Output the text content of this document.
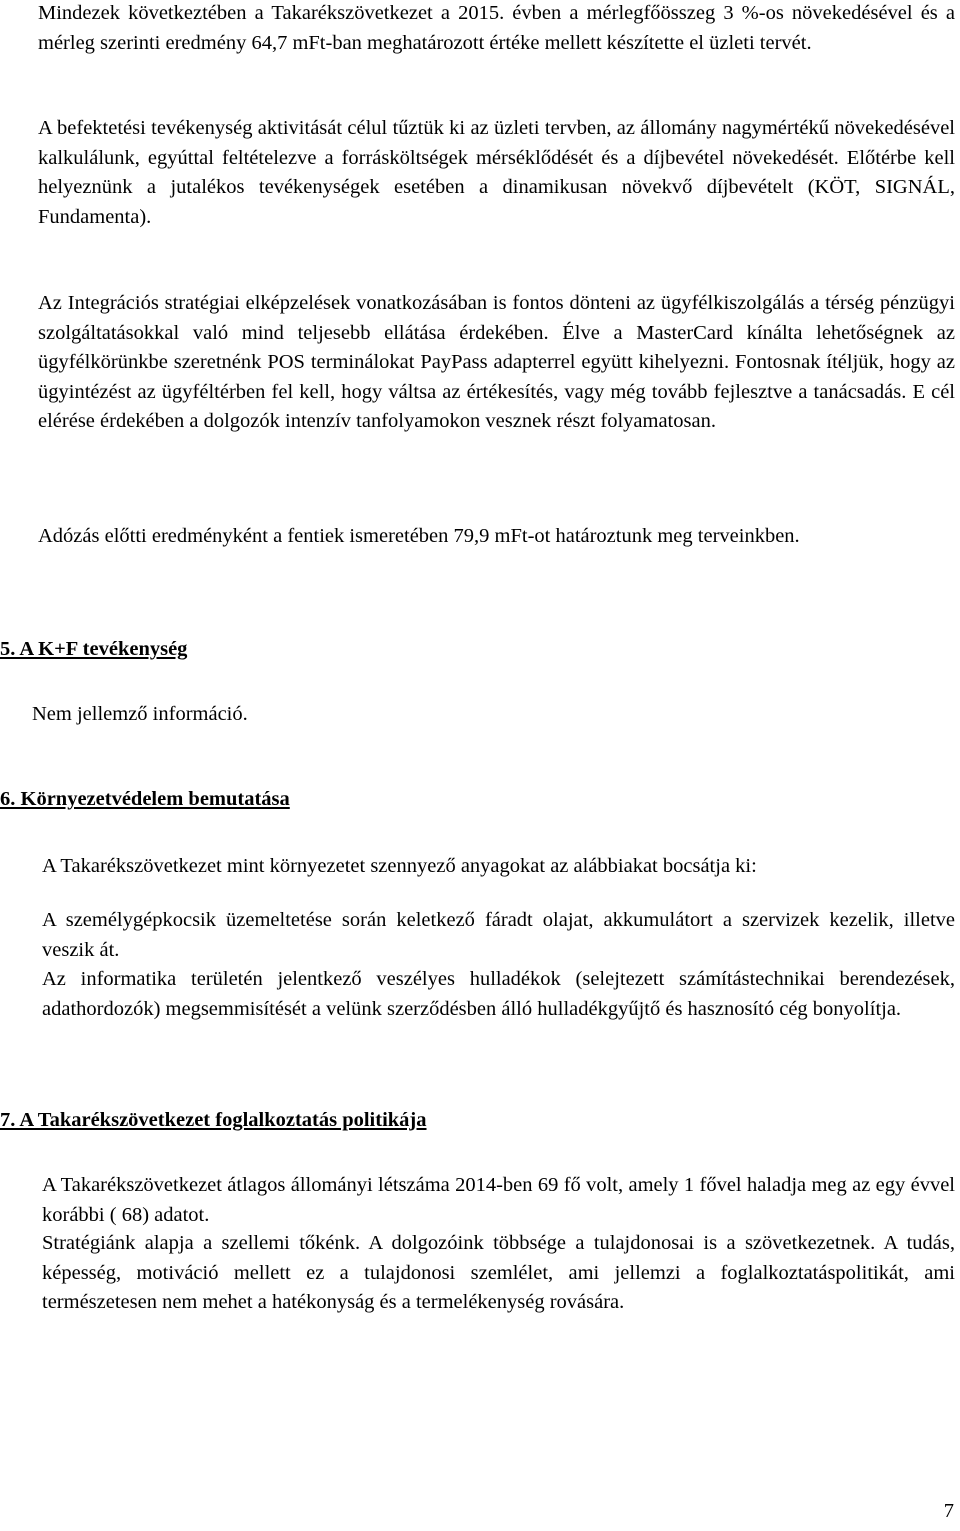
Mindezek következtében a Takarékszövetkezet a 2015. évben a mérlegfőösszeg 3 %-os növekedésével és a mérleg szerinti eredmény 64,7 mFt-ban meghatározott értéke mellett készítette el üzleti tervét.

A befektetési tevékenység aktivitását célul tűztük ki az üzleti tervben, az állomány nagymértékű növekedésével kalkulálunk, egyúttal feltételezve a forrásköltségek mérséklődését és a díjbevétel növekedését. Előtérbe kell helyeznünk a jutalékos tevékenységek esetében a dinamikusan növekvő díjbevételt (KÖT, SIGNÁL, Fundamenta).

Az Integrációs stratégiai elképzelések vonatkozásában is fontos dönteni az ügyfélkiszolgálás a térség pénzügyi szolgáltatásokkal való mind teljesebb ellátása érdekében. Élve a MasterCard kínálta lehetőségnek az ügyfélkörünkbe szeretnénk POS terminálokat PayPass adapterrel együtt kihelyezni. Fontosnak ítéljük, hogy az ügyintézést az ügyféltérben fel kell, hogy váltsa az értékesítés, vagy még tovább fejlesztve a tanácsadás. E cél elérése érdekében a dolgozók intenzív tanfolyamokon vesznek részt folyamatosan.

Adózás előtti eredményként a fentiek ismeretében 79,9 mFt-ot határoztunk meg terveinkben.

5. A K+F tevékenység

Nem jellemző információ.

6. Környezetvédelem bemutatása

A Takarékszövetkezet mint környezetet szennyező anyagokat az alábbiakat bocsátja ki:

A személygépkocsik üzemeltetése során keletkező fáradt olajat, akkumulátort a szervizek kezelik, illetve veszik át.

Az informatika területén jelentkező veszélyes hulladékok (selejtezett számítástechnikai berendezések, adathordozók) megsemmisítését a velünk szerződésben álló hulladékgyűjtő és hasznosító cég bonyolítja.

7. A Takarékszövetkezet foglalkoztatás politikája

A Takarékszövetkezet átlagos állományi létszáma 2014-ben 69 fő volt, amely 1 fővel haladja meg az egy évvel korábbi ( 68) adatot.

Stratégiánk alapja a szellemi tőkénk. A dolgozóink többsége a tulajdonosai is a szövetkezetnek. A tudás, képesség, motiváció mellett ez a tulajdonosi szemlélet, ami jellemzi a foglalkoztatáspolitikát, ami természetesen nem mehet a hatékonyság és a termelékenység rovására.

7
